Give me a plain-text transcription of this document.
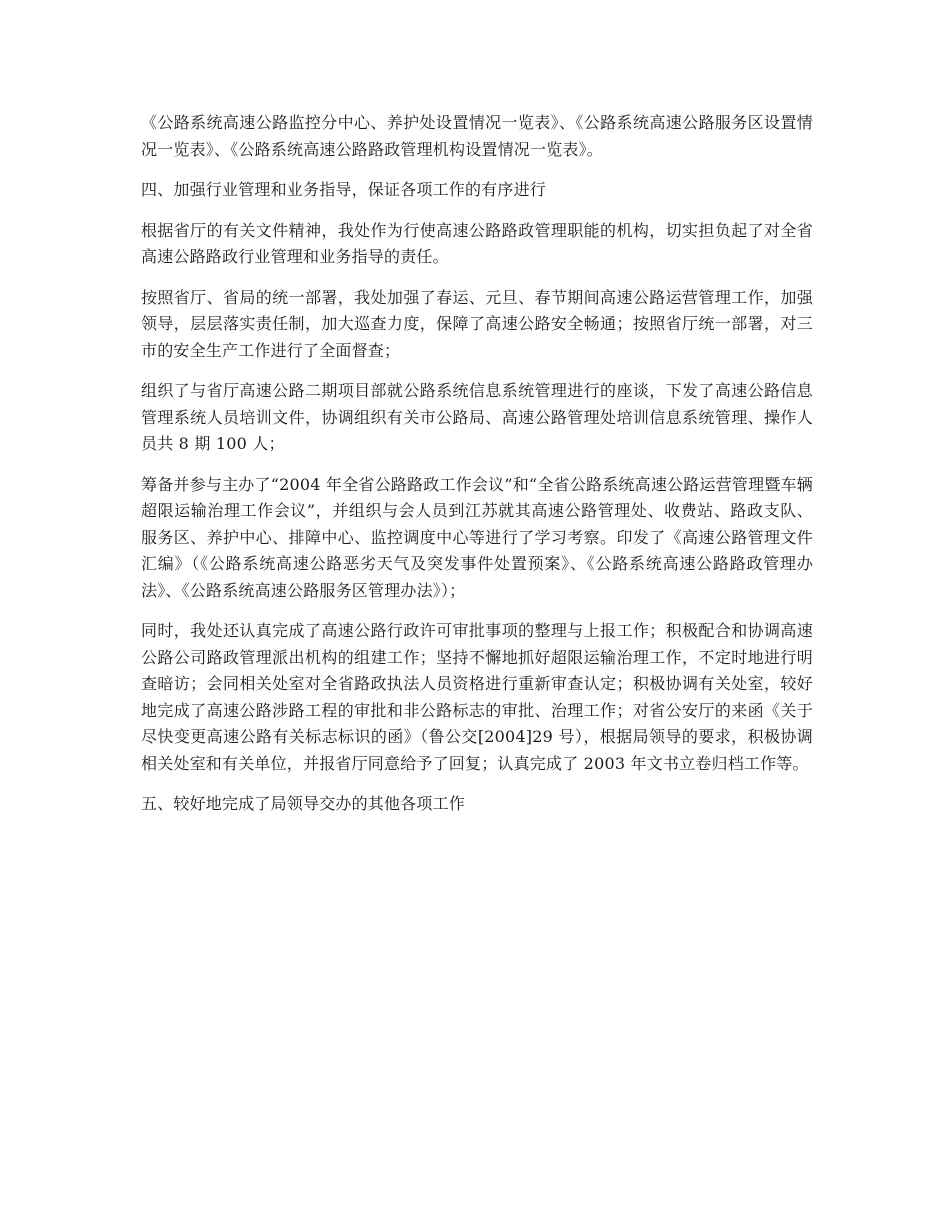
《公路系统高速公路监控分中心、养护处设置情况一览表》、《公路系统高速公路服务区设置情况一览表》、《公路系统高速公路路政管理机构设置情况一览表》。

四、加强行业管理和业务指导，保证各项工作的有序进行

根据省厅的有关文件精神，我处作为行使高速公路路政管理职能的机构，切实担负起了对全省高速公路路政行业管理和业务指导的责任。

按照省厅、省局的统一部署，我处加强了春运、元旦、春节期间高速公路运营管理工作，加强领导，层层落实责任制，加大巡查力度，保障了高速公路安全畅通；按照省厅统一部署，对三市的安全生产工作进行了全面督查；

组织了与省厅高速公路二期项目部就公路系统信息系统管理进行的座谈，下发了高速公路信息管理系统人员培训文件，协调组织有关市公路局、高速公路管理处培训信息系统管理、操作人员共 8 期 100 人；

筹备并参与主办了“2004 年全省公路路政工作会议”和“全省公路系统高速公路运营管理暨车辆超限运输治理工作会议”，并组织与会人员到江苏就其高速公路管理处、收费站、路政支队、服务区、养护中心、排障中心、监控调度中心等进行了学习考察。印发了《高速公路管理文件汇编》（《公路系统高速公路恶劣天气及突发事件处置预案》、《公路系统高速公路路政管理办法》、《公路系统高速公路服务区管理办法》）；

同时，我处还认真完成了高速公路行政许可审批事项的整理与上报工作；积极配合和协调高速公路公司路政管理派出机构的组建工作；坚持不懈地抓好超限运输治理工作，不定时地进行明查暗访；会同相关处室对全省路政执法人员资格进行重新审查认定；积极协调有关处室，较好地完成了高速公路涉路工程的审批和非公路标志的审批、治理工作；对省公安厅的来函《关于尽快变更高速公路有关标志标识的函》（鲁公交[2004]29 号），根据局领导的要求，积极协调相关处室和有关单位，并报省厅同意给予了回复；认真完成了 2003 年文书立卷归档工作等。

五、较好地完成了局领导交办的其他各项工作
